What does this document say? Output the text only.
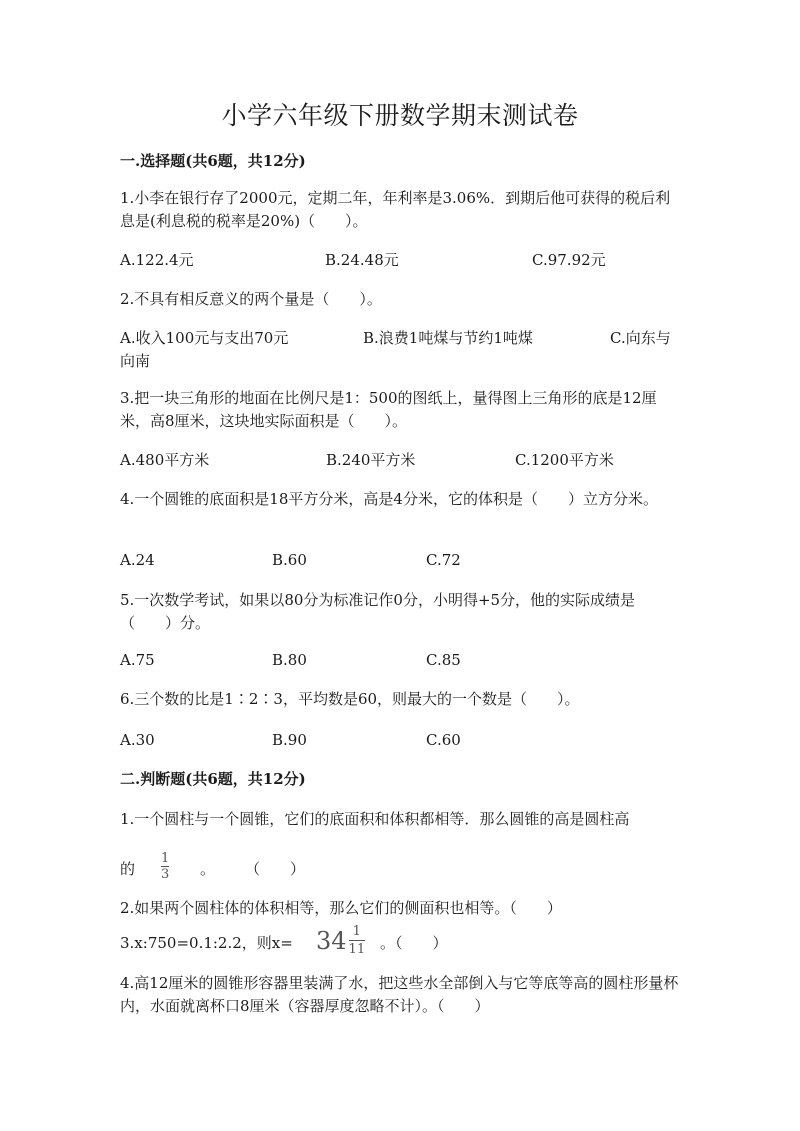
小学六年级下册数学期末测试卷
一.选择题(共6题，共12分)
1.小李在银行存了2000元，定期二年，年利率是3.06%．到期后他可获得的税后利息是(利息税的税率是20%)（　　）。
A.122.4元	B.24.48元	C.97.92元
2.不具有相反意义的两个量是（　　）。
A.收入100元与支出70元	B.浪费1吨煤与节约1吨煤	C.向东与
向南
3.把一块三角形的地面在比例尺是1：500的图纸上，量得图上三角形的底是12厘米，高8厘米，这块地实际面积是（　　）。
A.480平方米	B.240平方米	C.1200平方米
4.一个圆锥的底面积是18平方分米，高是4分米，它的体积是（　　）立方分米。
A.24	B.60	C.72
5.一次数学考试，如果以80分为标准记作0分，小明得+5分，他的实际成绩是（　　）分。
A.75	B.80	C.85
6.三个数的比是1∶2∶3，平均数是60，则最大的一个数是（　　）。
A.30	B.90	C.60
二.判断题(共6题，共12分)
1.一个圆柱与一个圆锥，它们的底面积和体积都相等．那么圆锥的高是圆柱高
的
1
3 。　　　（　　）
2.如果两个圆柱体的体积相等，那么它们的侧面积也相等。（　　）
3.x:750=0.1:2.2，则$x= 34 \frac{1}{11}$ 。（　　）
4.高12厘米的圆锥形容器里装满了水，把这些水全部倒入与它等底等高的圆柱形量杯内，水面就离杯口8厘米（容器厚度忽略不计）。（　　）
